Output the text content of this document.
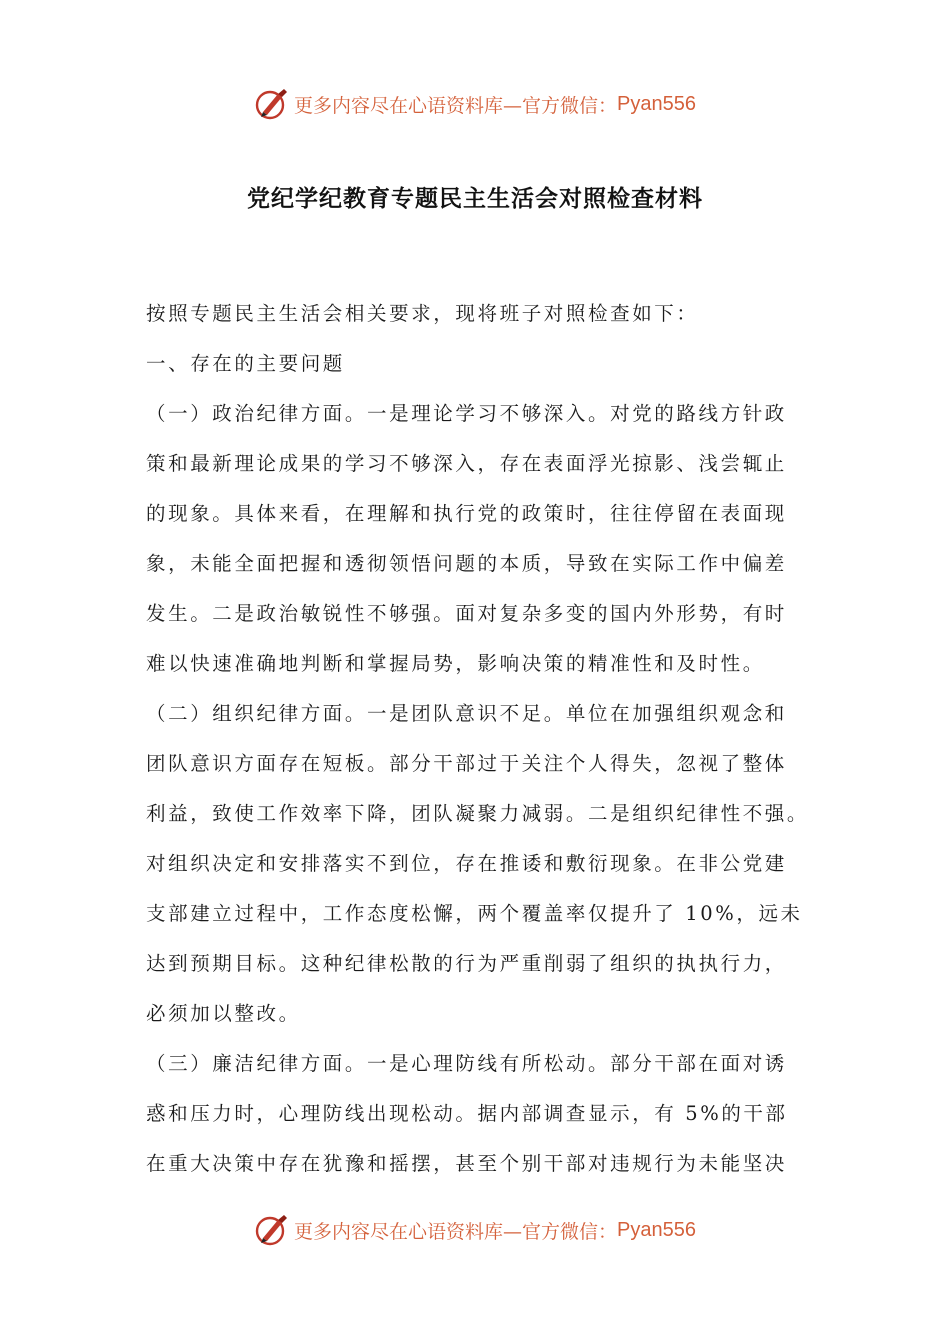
更多内容尽在心语资料库— 官方微信： Pyan556
党纪学纪教育专题民主生活会对照检查材料
按照专题民主生活会相关要求，现将班子对照检查如下：
一、存在的主要问题
（一）政治纪律方面。一是理论学习不够深入。对党的路线方针政
策和最新理论成果的学习不够深入，存在表面浮光掠影、浅尝辄止
的现象。具体来看，在理解和执行党的政策时，往往停留在表面现
象，未能全面把握和透彻领悟问题的本质，导致在实际工作中偏差
发生。二是政治敏锐性不够强。面对复杂多变的国内外形势，有时
难以快速准确地判断和掌握局势，影响决策的精准性和及时性。
（二）组织纪律方面。一是团队意识不足。单位在加强组织观念和
团队意识方面存在短板。部分干部过于关注个人得失，忽视了整体
利益，致使工作效率下降，团队凝聚力减弱。二是组织纪律性不强。
对组织决定和安排落实不到位，存在推诿和敷衍现象。在非公党建
支部建立过程中，工作态度松懈，两个覆盖率仅提升了 10%，远未
达到预期目标。这种纪律松散的行为严重削弱了组织的执执行力，
必须加以整改。
（三）廉洁纪律方面。一是心理防线有所松动。部分干部在面对诱
惑和压力时，心理防线出现松动。据内部调查显示，有 5%的干部
在重大决策中存在犹豫和摇摆，甚至个别干部对违规行为未能坚决
更多内容尽在心语资料库— 官方微信： Pyan556
